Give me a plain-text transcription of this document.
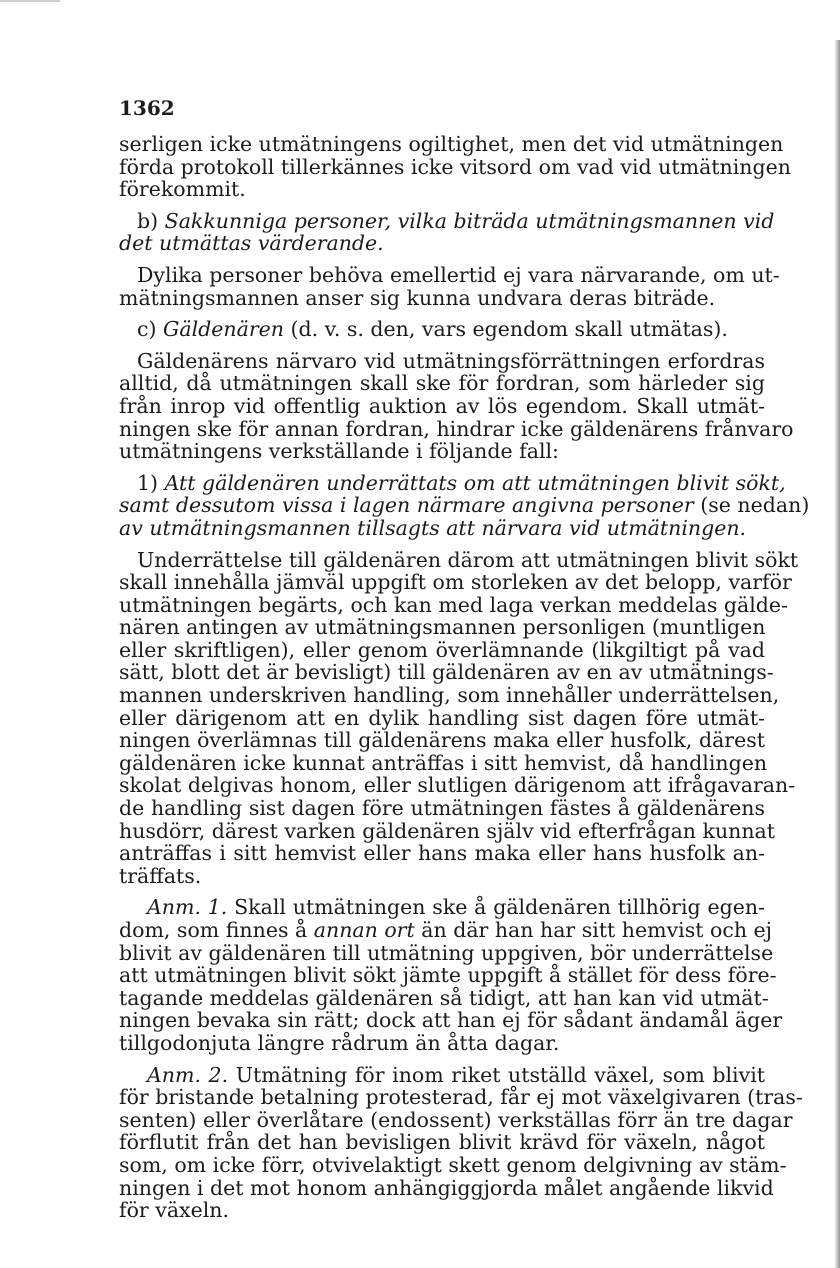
1362
serligen icke utmätningens ogiltighet, men det vid utmätningen
förda protokoll tillerkännes icke vitsord om vad vid utmätningen
förekommit.
b) Sakkunniga personer, vilka biträda utmätningsmannen vid
det utmättas värderande.
Dylika personer behöva emellertid ej vara närvarande, om ut-
mätningsmannen anser sig kunna undvara deras biträde.
c) Gäldenären (d. v. s. den, vars egendom skall utmätas).
Gäldenärens närvaro vid utmätningsförrättningen erfordras
alltid, då utmätningen skall ske för fordran, som härleder sig
från inrop vid offentlig auktion av lös egendom. Skall utmät-
ningen ske för annan fordran, hindrar icke gäldenärens frånvaro
utmätningens verkställande i följande fall:
1) Att gäldenären underrättats om att utmätningen blivit sökt,
samt dessutom vissa i lagen närmare angivna personer (se nedan)
av utmätningsmannen tillsagts att närvara vid utmätningen.
Underrättelse till gäldenären därom att utmätningen blivit sökt
skall innehålla jämväl uppgift om storleken av det belopp, varför
utmätningen begärts, och kan med laga verkan meddelas gälde-
nären antingen av utmätningsmannen personligen (muntligen
eller skriftligen), eller genom överlämnande (likgiltigt på vad
sätt, blott det är bevisligt) till gäldenären av en av utmätnings-
mannen underskriven handling, som innehåller underrättelsen,
eller därigenom att en dylik handling sist dagen före utmät-
ningen överlämnas till gäldenärens maka eller husfolk, därest
gäldenären icke kunnat anträffas i sitt hemvist, då handlingen
skolat delgivas honom, eller slutligen därigenom att ifrågavaran-
de handling sist dagen före utmätningen fästes å gäldenärens
husdörr, därest varken gäldenären själv vid efterfrågan kunnat
anträffas i sitt hemvist eller hans maka eller hans husfolk an-
träffats.
Anm. 1. Skall utmätningen ske å gäldenären tillhörig egen-
dom, som finnes å annan ort än där han har sitt hemvist och ej
blivit av gäldenären till utmätning uppgiven, bör underrättelse
att utmätningen blivit sökt jämte uppgift å stället för dess före-
tagande meddelas gäldenären så tidigt, att han kan vid utmät-
ningen bevaka sin rätt; dock att han ej för sådant ändamål äger
tillgodonjuta längre rådrum än åtta dagar.
Anm. 2. Utmätning för inom riket utställd växel, som blivit
för bristande betalning protesterad, får ej mot växelgivaren (tras-
senten) eller överlåtare (endossent) verkställas förr än tre dagar
förflutit från det han bevisligen blivit krävd för växeln, något
som, om icke förr, otvivelaktigt skett genom delgivning av stäm-
ningen i det mot honom anhängiggjorda målet angående likvid
för växeln.
